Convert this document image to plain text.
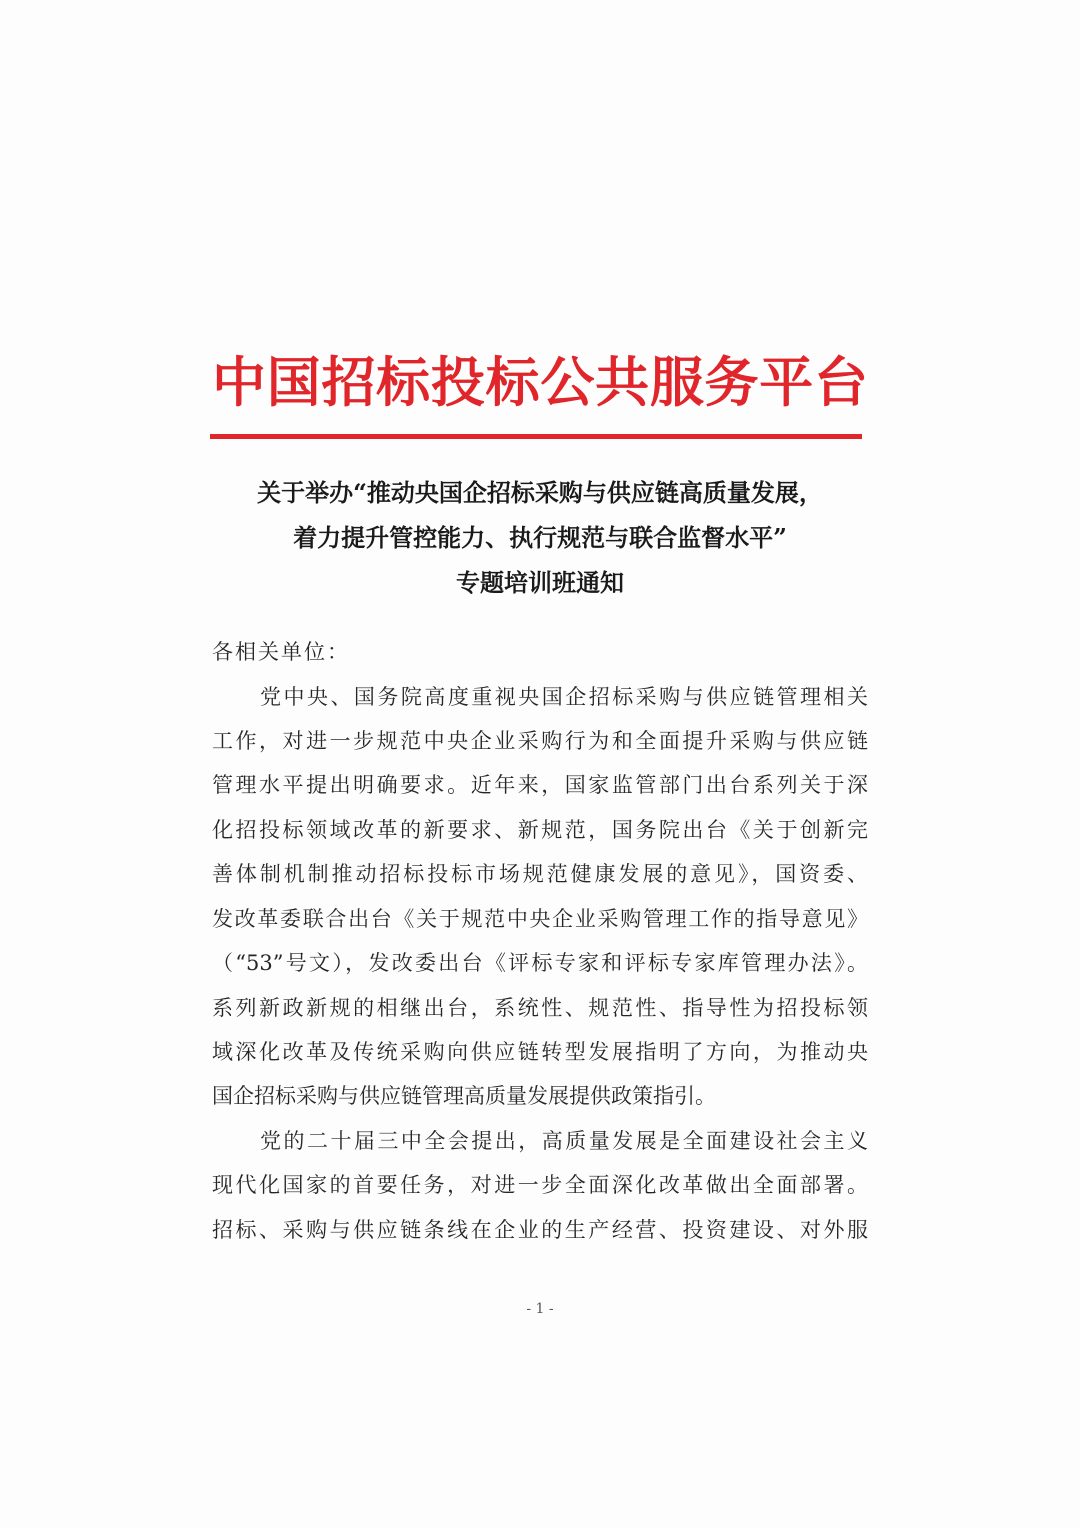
中国招标投标公共服务平台
关于举办“推动央国企招标采购与供应链高质量发展，
着力提升管控能力、执行规范与联合监督水平”
专题培训班通知
各相关单位：
党中央、国务院高度重视央国企招标采购与供应链管理相关
工作，对进一步规范中央企业采购行为和全面提升采购与供应链
管理水平提出明确要求。近年来，国家监管部门出台系列关于深
化招投标领域改革的新要求、新规范，国务院出台《关于创新完
善体制机制推动招标投标市场规范健康发展的意见》，国资委、
发改革委联合出台《关于规范中央企业采购管理工作的指导意见》
（“53”号文），发改委出台《评标专家和评标专家库管理办法》。
系列新政新规的相继出台，系统性、规范性、指导性为招投标领
域深化改革及传统采购向供应链转型发展指明了方向，为推动央
国企招标采购与供应链管理高质量发展提供政策指引。
党的二十届三中全会提出，高质量发展是全面建设社会主义
现代化国家的首要任务，对进一步全面深化改革做出全面部署。
招标、采购与供应链条线在企业的生产经营、投资建设、对外服
- 1 -
